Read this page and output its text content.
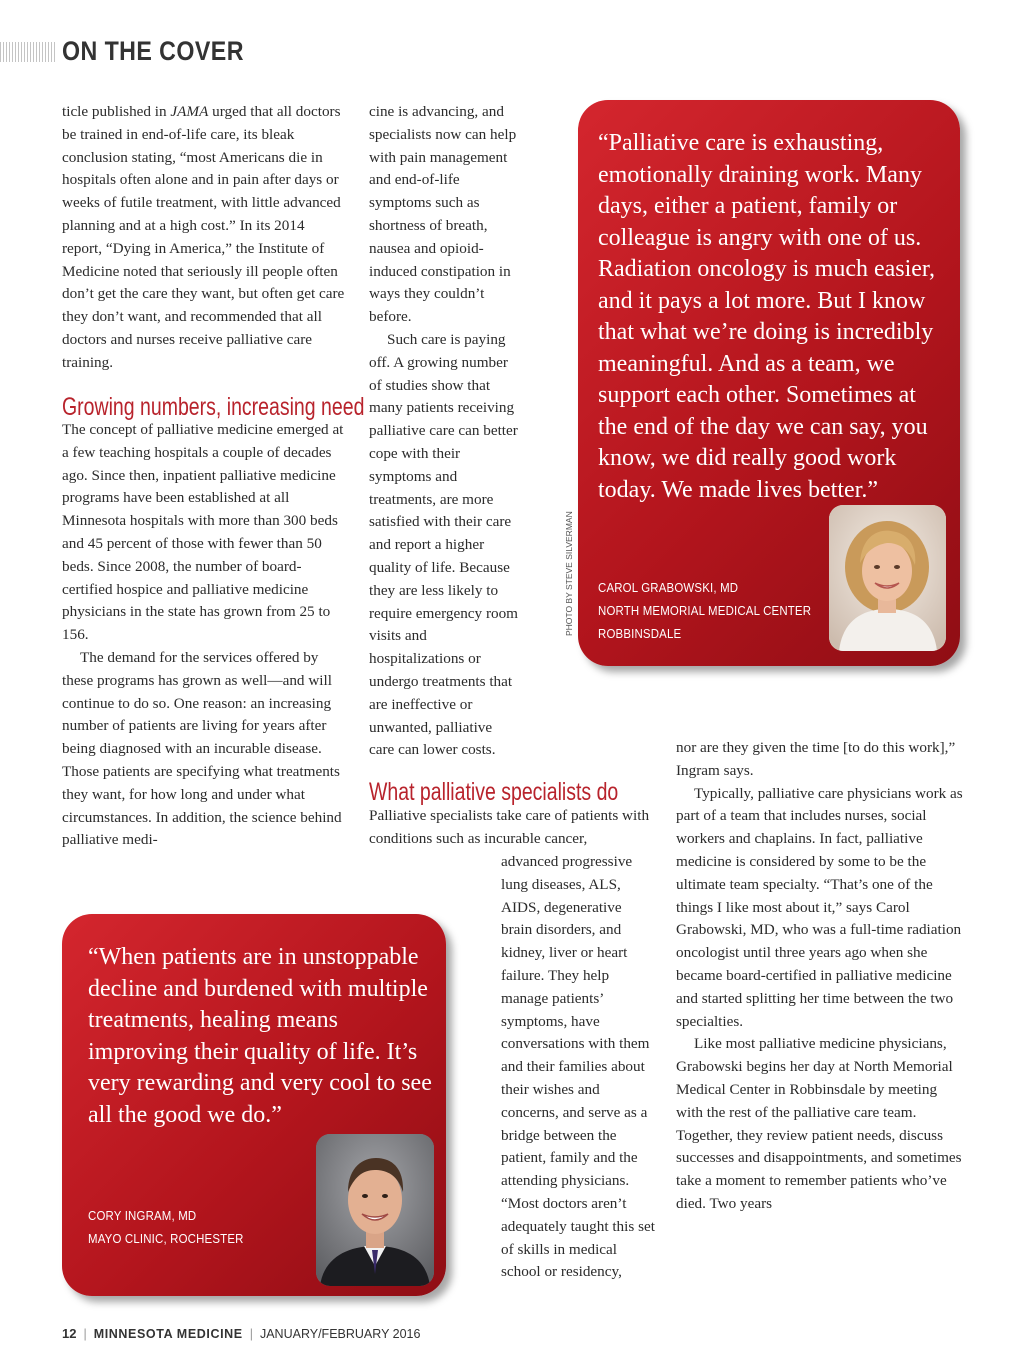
ON THE COVER

ticle published in JAMA urged that all doctors be trained in end-of-life care, its bleak conclusion stating, “most Americans die in hospitals often alone and in pain after days or weeks of futile treatment, with little advanced planning and at a high cost.” In its 2014 report, “Dying in America,” the Institute of Medicine noted that seriously ill people often don’t get the care they want, but often get care they don’t want, and recommended that all doctors and nurses receive palliative care training.

Growing numbers, increasing need

The concept of palliative medicine emerged at a few teaching hospitals a couple of decades ago. Since then, inpatient palliative medicine programs have been established at all Minnesota hospitals with more than 300 beds and 45 percent of those with fewer than 50 beds. Since 2008, the number of board-certified hospice and palliative medicine physicians in the state has grown from 25 to 156.

The demand for the services offered by these programs has grown as well—and will continue to do so. One reason: an increasing number of patients are living for years after being diagnosed with an incurable disease. Those patients are specifying what treatments they want, for how long and under what circumstances. In addition, the science behind palliative medi-

cine is advancing, and specialists now can help with pain management and end-of-life symptoms such as shortness of breath, nausea and opioid-induced constipation in ways they couldn’t before.

Such care is paying off. A growing number of studies show that many patients receiving palliative care can better cope with their symptoms and treatments, are more satisfied with their care and report a higher quality of life. Because they are less likely to require emergency room visits and hospitalizations or undergo treatments that are ineffective or unwanted, palliative care can lower costs.

What palliative specialists do

Palliative specialists take care of patients with conditions such as incurable cancer,

advanced progressive lung diseases, ALS, AIDS, degenerative brain disorders, and kidney, liver or heart failure. They help manage patients’ symptoms, have conversations with them and their families about their wishes and concerns, and serve as a bridge between the patient, family and the attending physicians. “Most doctors aren’t adequately taught this set of skills in medical school or residency,

nor are they given the time [to do this work],” Ingram says.

Typically, palliative care physicians work as part of a team that includes nurses, social workers and chaplains. In fact, palliative medicine is considered by some to be the ultimate team specialty. “That’s one of the things I like most about it,” says Carol Grabowski, MD, who was a full-time radiation oncologist until three years ago when she became board-certified in palliative medicine and started splitting her time between the two specialties.

Like most palliative medicine physicians, Grabowski begins her day at North Memorial Medical Center in Robbinsdale by meeting with the rest of the palliative care team. Together, they review patient needs, discuss successes and disappointments, and sometimes take a moment to remember patients who’ve died. Two years

PHOTO BY STEVE SILVERMAN

“Palliative care is exhausting, emotionally draining work. Many days, either a patient, family or colleague is angry with one of us. Radiation oncology is much easier, and it pays a lot more. But I know that what we’re doing is incredibly meaningful. And as a team, we support each other. Sometimes at the end of the day we can say, you know, we did really good work today. We made lives better.”

CAROL GRABOWSKI, MD
NORTH MEMORIAL MEDICAL CENTER
ROBBINSDALE

“When patients are in unstoppable decline and burdened with multiple treatments, healing means improving their quality of life. It’s very rewarding and very cool to see all the good we do.”

CORY INGRAM, MD
MAYO CLINIC, ROCHESTER
12 | MINNESOTA MEDICINE | JANUARY/FEBRUARY 2016
